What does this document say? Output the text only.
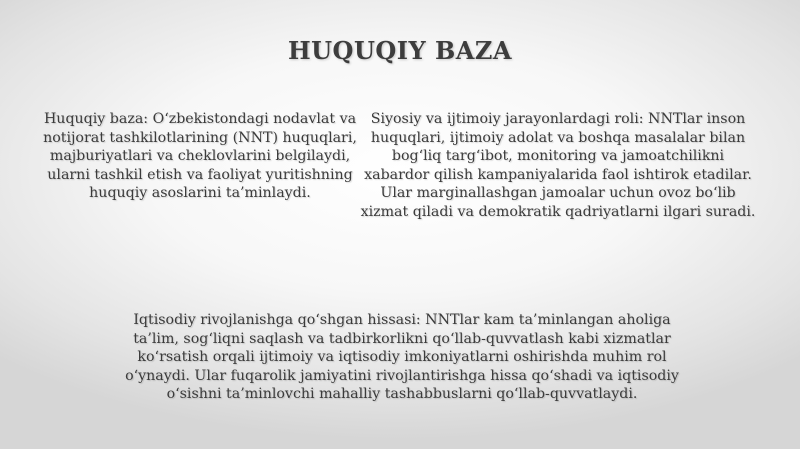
HUQUQIY BAZA
Huquqiy baza: O‘zbekistondagi nodavlat va notijorat tashkilotlarining (NNT) huquqlari, majburiyatlari va cheklovlarini belgilaydi, ularni tashkil etish va faoliyat yuritishning huquqiy asoslarini ta’minlaydi.
Siyosiy va ijtimoiy jarayonlardagi roli: NNTlar inson huquqlari, ijtimoiy adolat va boshqa masalalar bilan bog‘liq targ‘ibot, monitoring va jamoatchilikni xabardor qilish kampaniyalarida faol ishtirok etadilar. Ular marginallashgan jamoalar uchun ovoz bo‘lib xizmat qiladi va demokratik qadriyatlarni ilgari suradi.
Iqtisodiy rivojlanishga qo‘shgan hissasi: NNTlar kam ta’minlangan aholiga ta’lim, sog‘liqni saqlash va tadbirkorlikni qo‘llab-quvvatlash kabi xizmatlar ko‘rsatish orqali ijtimoiy va iqtisodiy imkoniyatlarni oshirishda muhim rol o‘ynaydi. Ular fuqarolik jamiyatini rivojlantirishga hissa qo‘shadi va iqtisodiy o‘sishni ta’minlovchi mahalliy tashabbuslarni qo‘llab-quvvatlaydi.
